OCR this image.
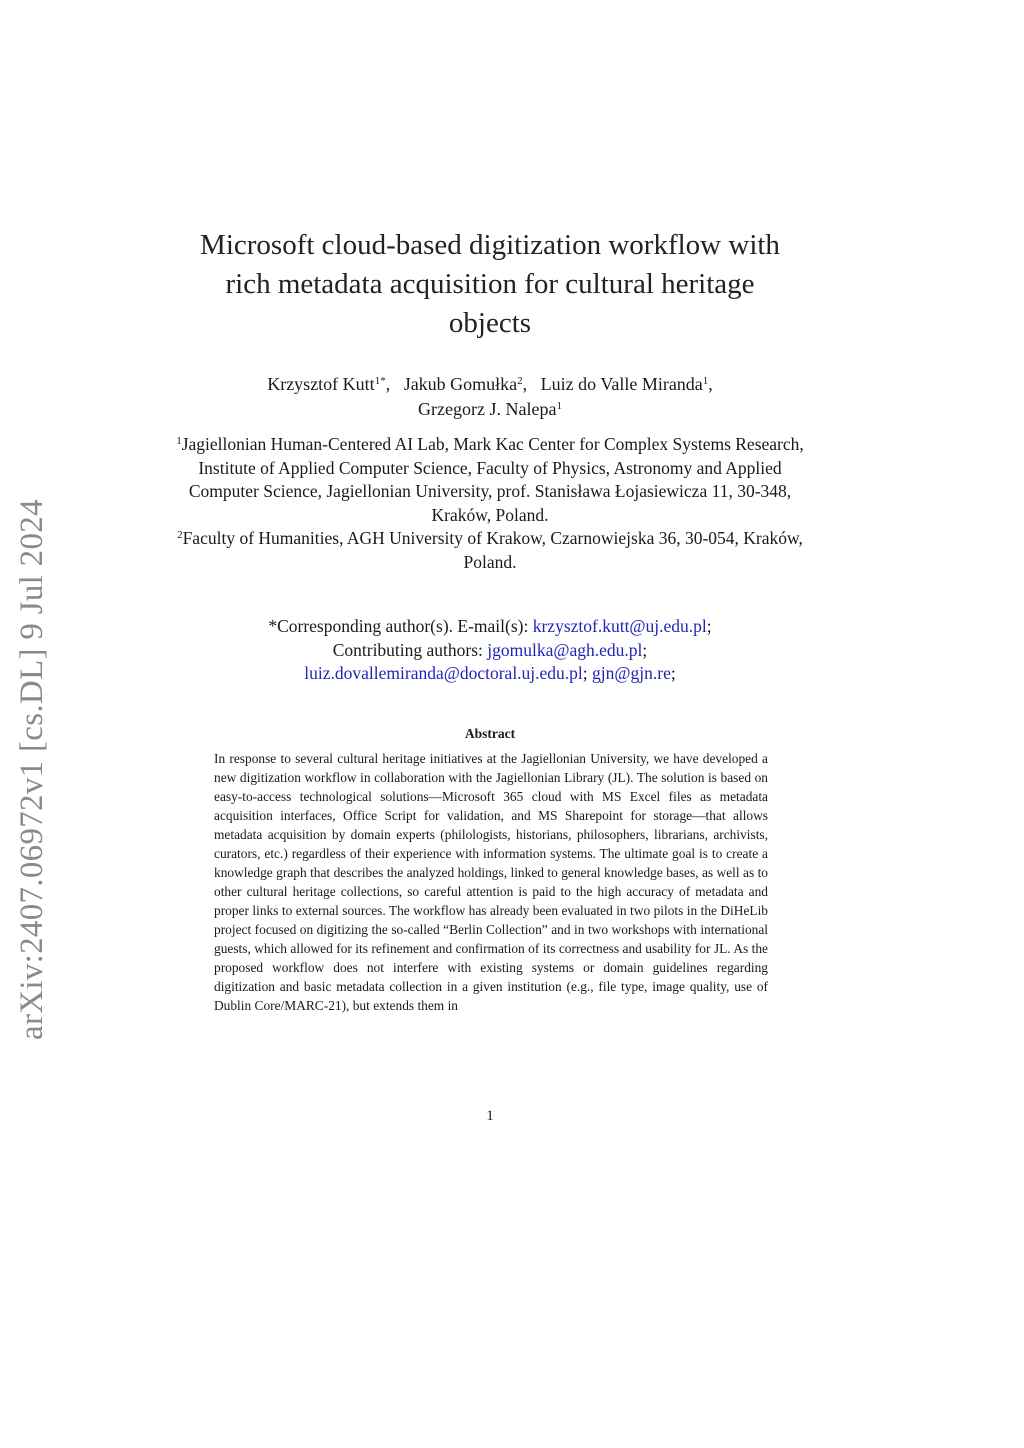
arXiv:2407.06972v1 [cs.DL] 9 Jul 2024
Microsoft cloud-based digitization workflow with
rich metadata acquisition for cultural heritage
objects
Krzysztof Kutt$^{1*}$, Jakub Gomułka$^2$, Luiz do Valle Miranda$^1$,
Grzegorz J. Nalepa$^1$
$^1$Jagiellonian Human-Centered AI Lab, Mark Kac Center for Complex Systems Research, Institute of Applied Computer Science, Faculty of Physics, Astronomy and Applied Computer Science, Jagiellonian University, prof. Stanisława Łojasiewicza 11, 30-348, Kraków, Poland.
$^2$Faculty of Humanities, AGH University of Krakow, Czarnowiejska 36, 30-054, Kraków, Poland.
*Corresponding author(s). E-mail(s): krzysztof.kutt@uj.edu.pl;
Contributing authors: jgomulka@agh.edu.pl;
luiz.dovallemiranda@doctoral.uj.edu.pl; gjn@gjn.re;
Abstract
In response to several cultural heritage initiatives at the Jagiellonian University, we have developed a new digitization workflow in collaboration with the Jagiellonian Library (JL). The solution is based on easy-to-access technological solutions—Microsoft 365 cloud with MS Excel files as metadata acquisition interfaces, Office Script for validation, and MS Sharepoint for storage—that allows metadata acquisition by domain experts (philologists, historians, philosophers, librarians, archivists, curators, etc.) regardless of their experience with information systems. The ultimate goal is to create a knowledge graph that describes the analyzed holdings, linked to general knowledge bases, as well as to other cultural heritage collections, so careful attention is paid to the high accuracy of metadata and proper links to external sources. The workflow has already been evaluated in two pilots in the DiHeLib project focused on digitizing the so-called “Berlin Collection” and in two workshops with international guests, which allowed for its refinement and confirmation of its correctness and usability for JL. As the proposed workflow does not interfere with existing systems or domain guidelines regarding digitization and basic metadata collection in a given institution (e.g., file type, image quality, use of Dublin Core/MARC-21), but extends them in
1
